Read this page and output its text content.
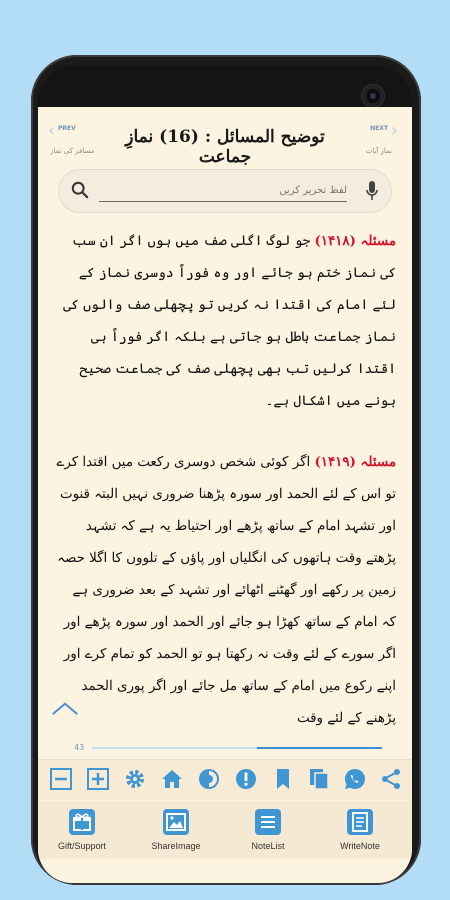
‹ PREV
مسافر کی نماز
توضیح المسائل : (16) نمازِ جماعت
›
NEXT
نماز آیات
لفظ تحریر کریں

مسئلہ (۱۴۱۸) جو لوگ اگلی صف میں ہوں اگر ان سب کی نماز ختم ہو جائے اور وہ فوراً دوسری نماز کے لئے امام کی اقتدا نہ کریں تو پچھلی صف والوں کی نماز جماعت باطل ہو جاتی ہے بلکہ اگر فوراً ہی اقتدا کرلیں تب بھی پچھلی صف کی جماعت صحیح ہونے میں اشکال ہے۔

مسئلہ (۱۴۱۹) اگر کوئی شخص دوسری رکعت میں اقتدا کرے تو اس کے لئے الحمد اور سورہ پڑھنا ضروری نہیں البتہ قنوت اور تشہد امام کے ساتھ پڑھے اور احتیاط یہ ہے کہ تشہد پڑھتے وقت ہاتھوں کی انگلیاں اور پاؤں کے تلووں کا اگلا حصہ زمین پر رکھے اور گھٹنے اٹھائے اور تشہد کے بعد ضروری ہے کہ امام کے ساتھ کھڑا ہو جائے اور الحمد اور سورہ پڑھے اور اگر سورے کے لئے وقت نہ رکھتا ہو تو الحمد کو تمام کرے اور اپنے رکوع میں امام کے ساتھ مل جائے اور اگر پوری الحمد پڑھنے کے لئے وقت

︿
43
Gift/Support	ShareImage	NoteList	WriteNote
